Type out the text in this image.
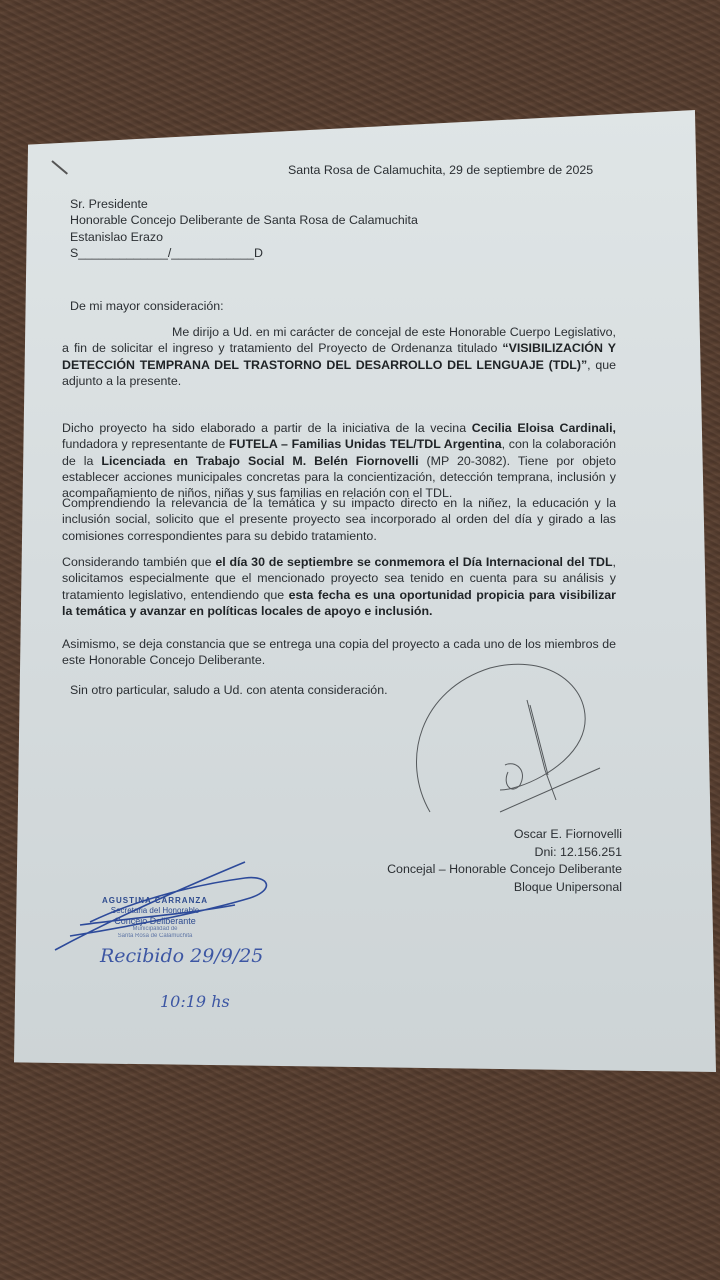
Santa Rosa de Calamuchita, 29 de septiembre de 2025
Sr. Presidente
Honorable Concejo Deliberante de Santa Rosa de Calamuchita
Estanislao Erazo
S_____________/____________D
De mi mayor consideración:
Me dirijo a Ud. en mi carácter de concejal de este Honorable Cuerpo Legislativo, a fin de solicitar el ingreso y tratamiento del Proyecto de Ordenanza titulado “VISIBILIZACIÓN Y DETECCIÓN TEMPRANA DEL TRASTORNO DEL DESARROLLO DEL LENGUAJE (TDL)”, que adjunto a la presente.
Dicho proyecto ha sido elaborado a partir de la iniciativa de la vecina Cecilia Eloisa Cardinali, fundadora y representante de FUTELA – Familias Unidas TEL/TDL Argentina, con la colaboración de la Licenciada en Trabajo Social M. Belén Fiornovelli (MP 20-3082). Tiene por objeto establecer acciones municipales concretas para la concientización, detección temprana, inclusión y acompañamiento de niños, niñas y sus familias en relación con el TDL.
Comprendiendo la relevancia de la temática y su impacto directo en la niñez, la educación y la inclusión social, solicito que el presente proyecto sea incorporado al orden del día y girado a las comisiones correspondientes para su debido tratamiento.
Considerando también que el día 30 de septiembre se conmemora el Día Internacional del TDL, solicitamos especialmente que el mencionado proyecto sea tenido en cuenta para su análisis y tratamiento legislativo, entendiendo que esta fecha es una oportunidad propicia para visibilizar la temática y avanzar en políticas locales de apoyo e inclusión.
Asimismo, se deja constancia que se entrega una copia del proyecto a cada uno de los miembros de este Honorable Concejo Deliberante.
Sin otro particular, saludo a Ud. con atenta consideración.
Oscar E. Fiornovelli
Dni: 12.156.251
Concejal – Honorable Concejo Deliberante
Bloque Unipersonal
AGUSTINA CARRANZA
Secretaria del Honorable
Concejo Deliberante
Municipalidad de
Santa Rosa de Calamuchita
Recibido 29/9/25
10:19 hs
